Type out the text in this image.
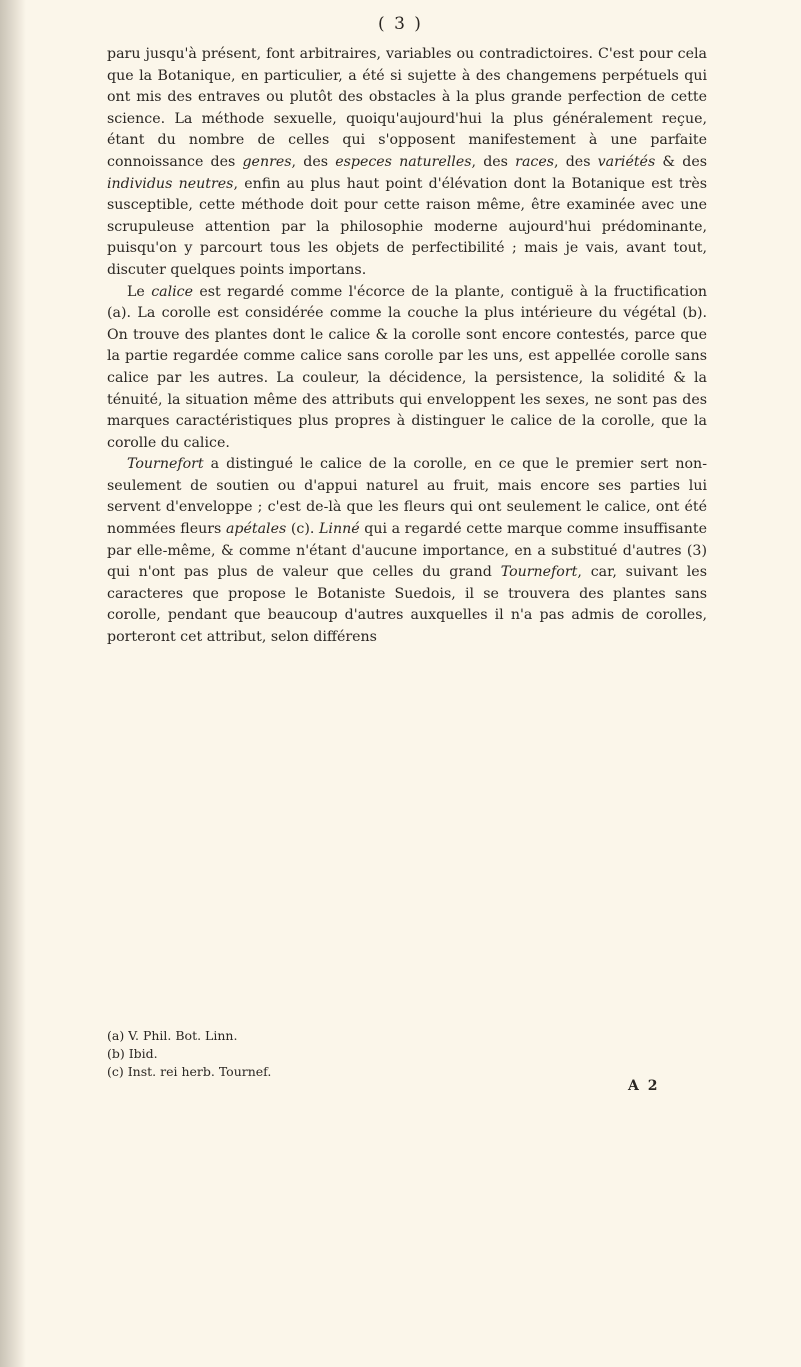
( 3 )

paru jusqu'à présent, font arbitraires, variables ou contradictoires. C'est pour cela que la Botanique, en particulier, a été si sujette à des changemens perpétuels qui ont mis des entraves ou plutôt des obstacles à la plus grande perfection de cette science. La méthode sexuelle, quoiqu'aujourd'hui la plus généralement reçue, étant du nombre de celles qui s'opposent manifestement à une parfaite connoissance des genres, des especes naturelles, des races, des variétés & des individus neutres, enfin au plus haut point d'élévation dont la Botanique est très susceptible, cette méthode doit pour cette raison même, être examinée avec une scrupuleuse attention par la philosophie moderne aujourd'hui prédominante, puisqu'on y parcourt tous les objets de perfectibilité ; mais je vais, avant tout, discuter quelques points importans.

Le calice est regardé comme l'écorce de la plante, contiguë à la fructification (a). La corolle est considérée comme la couche la plus intérieure du végétal (b). On trouve des plantes dont le calice & la corolle sont encore contestés, parce que la partie regardée comme calice sans corolle par les uns, est appellée corolle sans calice par les autres. La couleur, la décidence, la persistence, la solidité & la ténuité, la situation même des attributs qui enveloppent les sexes, ne sont pas des marques caractéristiques plus propres à distinguer le calice de la corolle, que la corolle du calice.

Tournefort a distingué le calice de la corolle, en ce que le premier sert non-seulement de soutien ou d'appui naturel au fruit, mais encore ses parties lui servent d'enveloppe ; c'est de-là que les fleurs qui ont seulement le calice, ont été nommées fleurs apétales (c). Linné qui a regardé cette marque comme insuffisante par elle-même, & comme n'étant d'aucune importance, en a substitué d'autres (3) qui n'ont pas plus de valeur que celles du grand Tournefort, car, suivant les caracteres que propose le Botaniste Suedois, il se trouvera des plantes sans corolle, pendant que beaucoup d'autres auxquelles il n'a pas admis de corolles, porteront cet attribut, selon différens

(a) V. Phil. Bot. Linn.
(b) Ibid.
(c) Inst. rei herb. Tournef.
A 2
